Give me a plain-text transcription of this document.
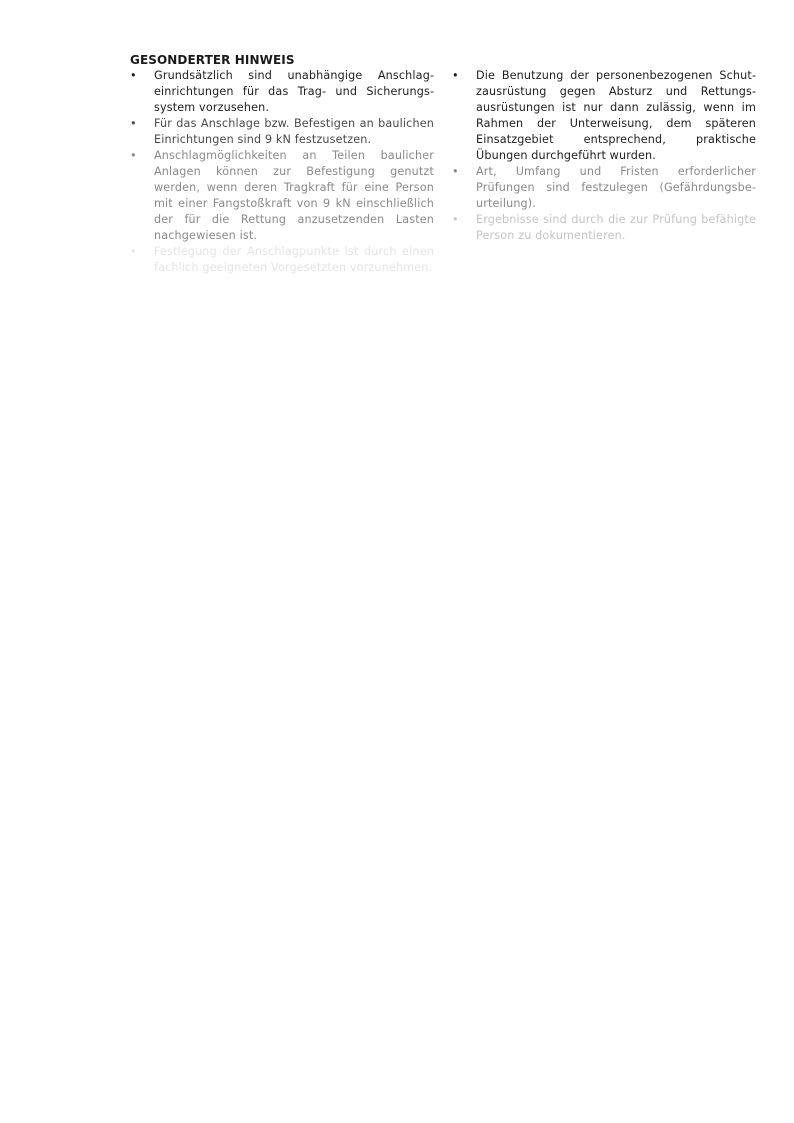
GESONDERTER HINWEIS
• Grundsätzlich sind unabhängige Anschlageinrichtungen für das Trag- und Sicherungssystem vorzusehen.
• Für das Anschlage bzw. Befestigen an baulichen Einrichtungen sind 9 kN festzusetzen.
• Anschlagmöglichkeiten an Teilen baulicher Anlagen können zur Befestigung genutzt werden, wenn deren Tragkraft für eine Person mit einer Fangstoßkraft von 9 kN einschließlich der für die Rettung anzusetzenden Lasten nachgewiesen ist.
• Festlegung der Anschlagpunkte ist durch einen fachlich geeigneten Vorgesetzten vorzunehmen.
• Die Benutzung der personenbezogenen Schutzausrüstung gegen Absturz und Rettungsausrüstungen ist nur dann zulässig, wenn im Rahmen der Unterweisung, dem späteren Einsatzgebiet entsprechend, praktische Übungen durchgeführt wurden.
• Art, Umfang und Fristen erforderlicher Prüfungen sind festzulegen (Gefährdungsbeurteilung).
• Ergebnisse sind durch die zur Prüfung befähigte Person zu dokumentieren.
